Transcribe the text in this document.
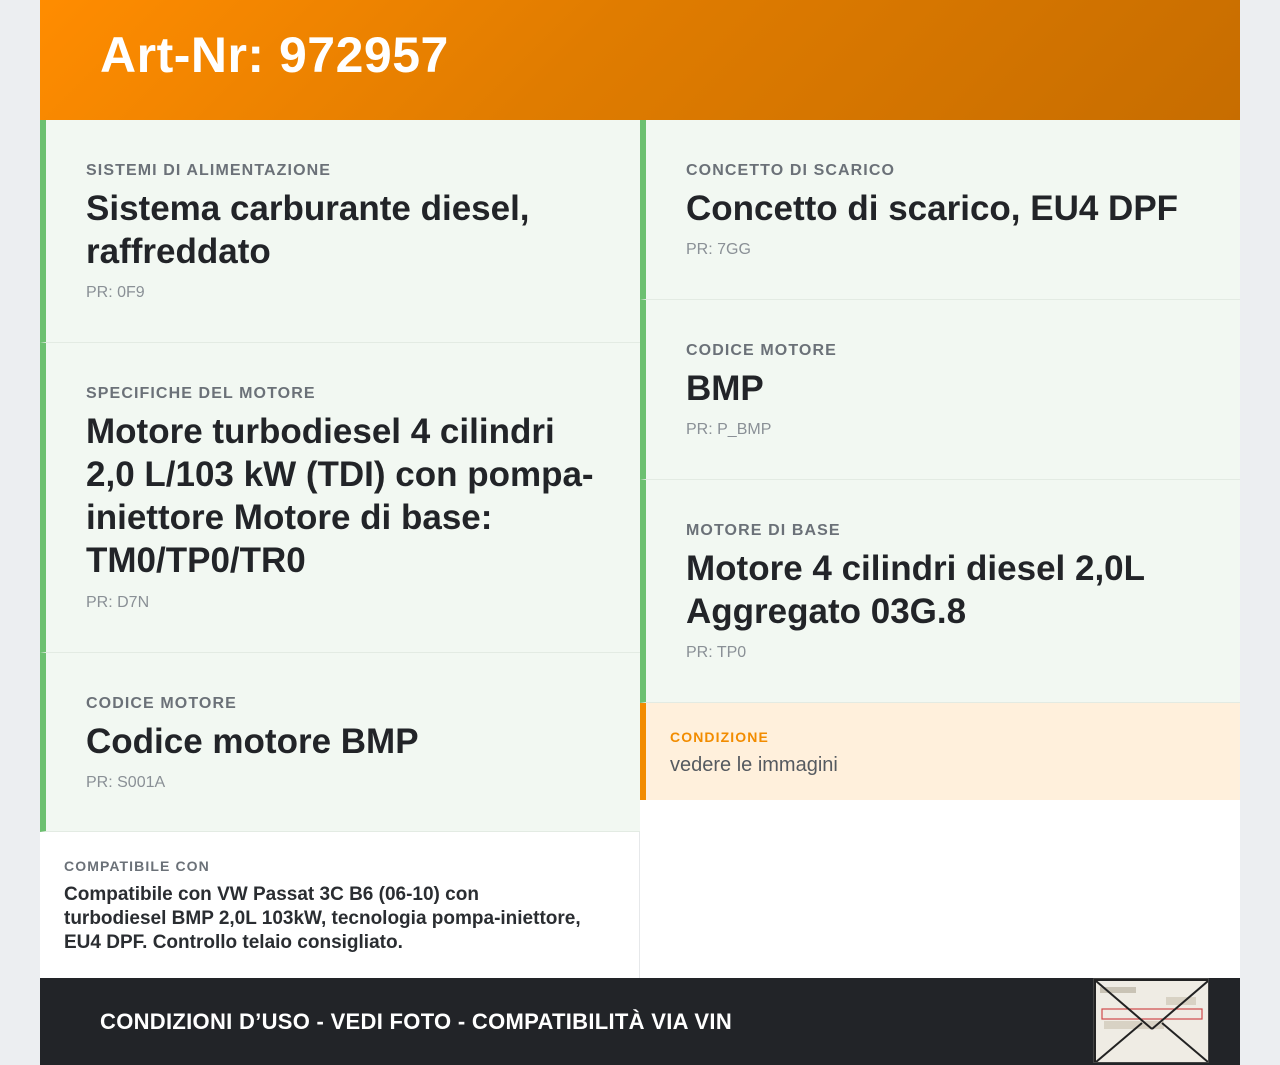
Art-Nr: 972957
SISTEMI DI ALIMENTAZIONE
Sistema carburante diesel, raffreddato
PR: 0F9
SPECIFICHE DEL MOTORE
Motore turbodiesel 4 cilindri 2,0 L/103 kW (TDI) con pompa-iniettore Motore di base: TM0/TP0/TR0
PR: D7N
CODICE MOTORE
Codice motore BMP
PR: S001A
CONCETTO DI SCARICO
Concetto di scarico, EU4 DPF
PR: 7GG
CODICE MOTORE
BMP
PR: P_BMP
MOTORE DI BASE
Motore 4 cilindri diesel 2,0L Aggregato 03G.8
PR: TP0
CONDIZIONE
vedere le immagini
COMPATIBILE CON
Compatibile con VW Passat 3C B6 (06-10) con turbodiesel BMP 2,0L 103kW, tecnologia pompa-iniettore, EU4 DPF. Controllo telaio consigliato.
CONDIZIONI D’USO - VEDI FOTO - COMPATIBILITÀ VIA VIN
